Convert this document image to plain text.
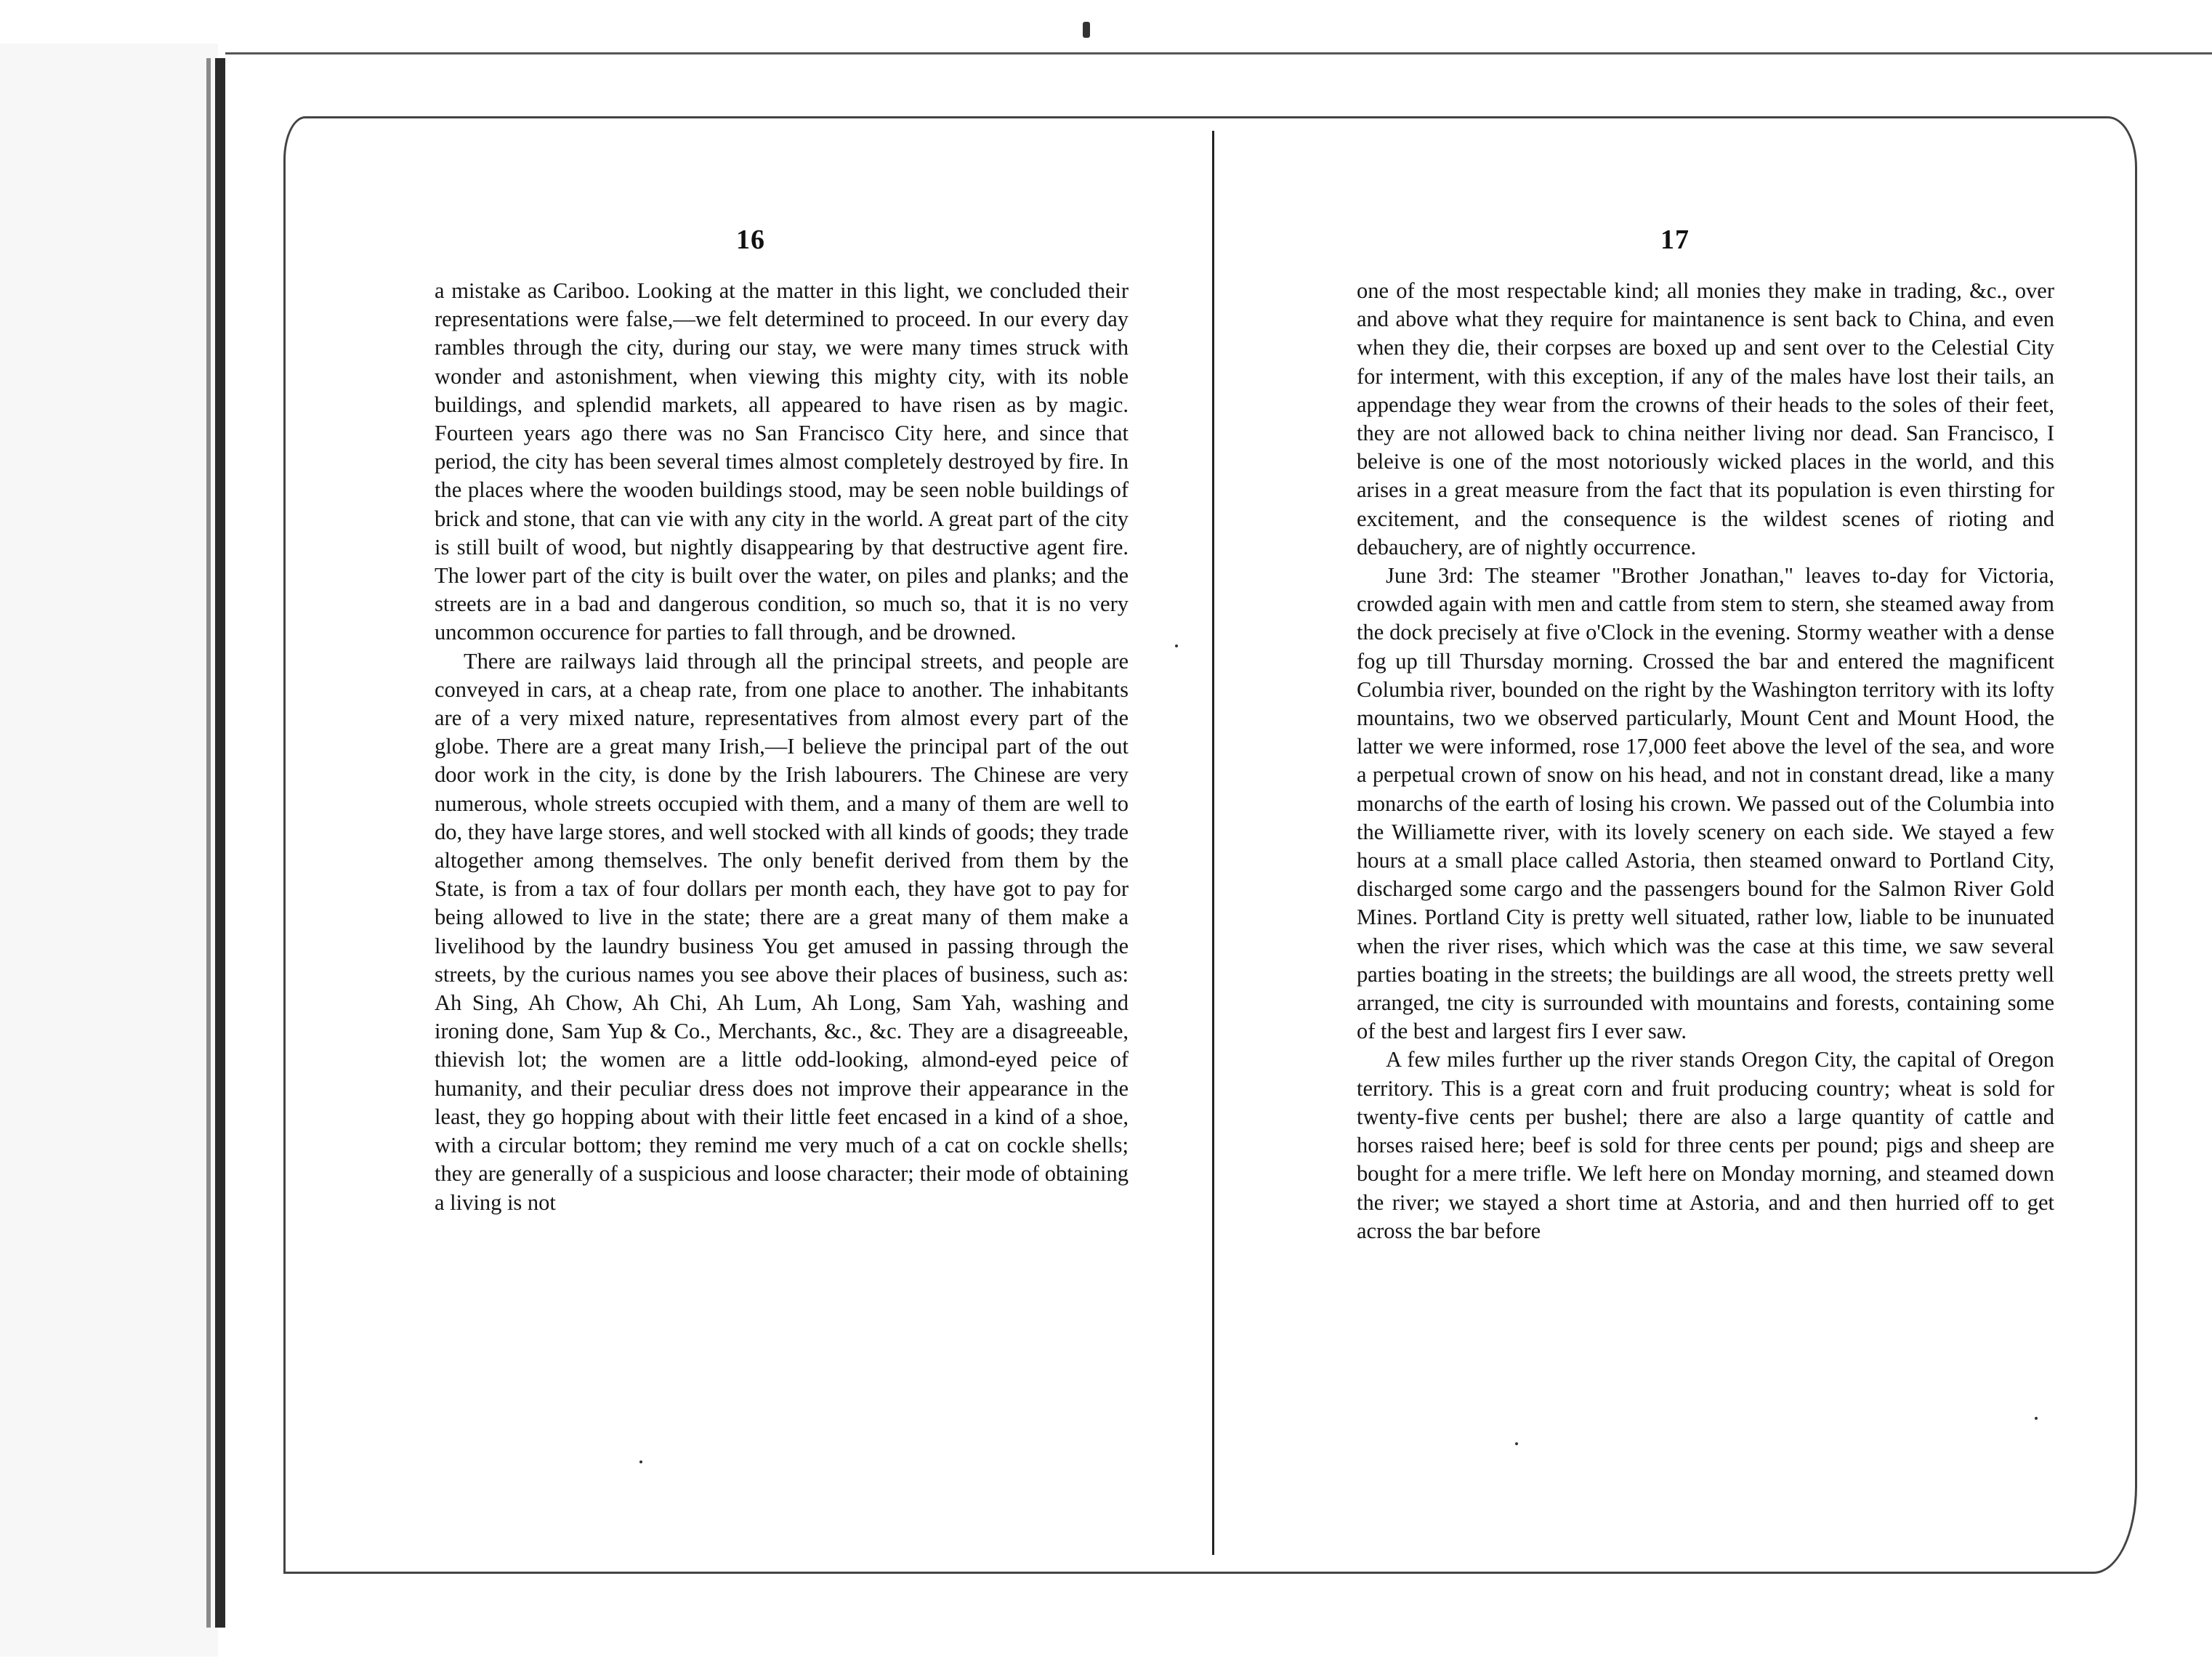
16

a mistake as Cariboo. Looking at the matter in this light, we concluded their representations were false,—we felt determined to proceed. In our every day rambles through the city, during our stay, we were many times struck with wonder and astonishment, when viewing this mighty city, with its noble buildings, and splendid markets, all appeared to have risen as by magic. Fourteen years ago there was no San Francisco City here, and since that period, the city has been several times almost completely destroyed by fire. In the places where the wooden buildings stood, may be seen noble buildings of brick and stone, that can vie with any city in the world. A great part of the city is still built of wood, but nightly disappearing by that destructive agent fire. The lower part of the city is built over the water, on piles and planks; and the streets are in a bad and dangerous condition, so much so, that it is no very uncommon occurence for parties to fall through, and be drowned.

There are railways laid through all the principal streets, and people are conveyed in cars, at a cheap rate, from one place to another. The inhabitants are of a very mixed nature, representatives from almost every part of the globe. There are a great many Irish,—I believe the principal part of the out door work in the city, is done by the Irish labourers. The Chinese are very numerous, whole streets occupied with them, and a many of them are well to do, they have large stores, and well stocked with all kinds of goods; they trade altogether among themselves. The only benefit derived from them by the State, is from a tax of four dollars per month each, they have got to pay for being allowed to live in the state; there are a great many of them make a livelihood by the laundry business You get amused in passing through the streets, by the curious names you see above their places of business, such as: Ah Sing, Ah Chow, Ah Chi, Ah Lum, Ah Long, Sam Yah, washing and ironing done, Sam Yup & Co., Merchants, &c., &c. They are a disagreeable, thievish lot; the women are a little odd-looking, almond-eyed peice of humanity, and their peculiar dress does not improve their appearance in the least, they go hopping about with their little feet encased in a kind of a shoe, with a circular bottom; they remind me very much of a cat on cockle shells; they are generally of a suspicious and loose character; their mode of obtaining a living is not

17

one of the most respectable kind; all monies they make in trading, &c., over and above what they require for maintanence is sent back to China, and even when they die, their corpses are boxed up and sent over to the Celestial City for interment, with this exception, if any of the males have lost their tails, an appendage they wear from the crowns of their heads to the soles of their feet, they are not allowed back to china neither living nor dead. San Francisco, I beleive is one of the most notoriously wicked places in the world, and this arises in a great measure from the fact that its population is even thirsting for excitement, and the consequence is the wildest scenes of rioting and debauchery, are of nightly occurrence.

June 3rd: The steamer "Brother Jonathan," leaves to-day for Victoria, crowded again with men and cattle from stem to stern, she steamed away from the dock precisely at five o'Clock in the evening. Stormy weather with a dense fog up till Thursday morning. Crossed the bar and entered the magnificent Columbia river, bounded on the right by the Washington territory with its lofty mountains, two we observed particularly, Mount Cent and Mount Hood, the latter we were informed, rose 17,000 feet above the level of the sea, and wore a perpetual crown of snow on his head, and not in constant dread, like a many monarchs of the earth of losing his crown. We passed out of the Columbia into the Williamette river, with its lovely scenery on each side. We stayed a few hours at a small place called Astoria, then steamed onward to Portland City, discharged some cargo and the passengers bound for the Salmon River Gold Mines. Portland City is pretty well situated, rather low, liable to be inunuated when the river rises, which which was the case at this time, we saw several parties boating in the streets; the buildings are all wood, the streets pretty well arranged, tne city is surrounded with mountains and forests, containing some of the best and largest firs I ever saw.

A few miles further up the river stands Oregon City, the capital of Oregon territory. This is a great corn and fruit producing country; wheat is sold for twenty-five cents per bushel; there are also a large quantity of cattle and horses raised here; beef is sold for three cents per pound; pigs and sheep are bought for a mere trifle. We left here on Monday morning, and steamed down the river; we stayed a short time at Astoria, and and then hurried off to get across the bar before
